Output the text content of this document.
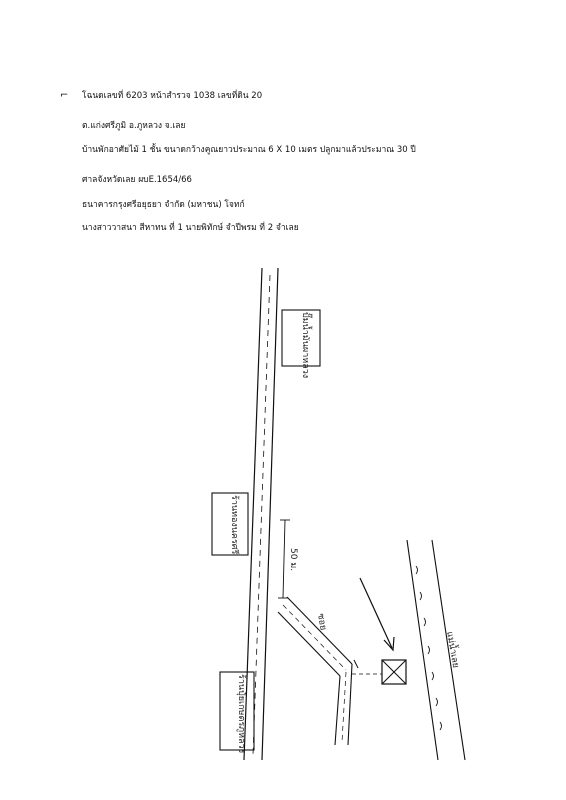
⌐ โฉนดเลขที่ 6203 หน้าสำรวจ 1038 เลขที่ดิน 20
ต.แก่งศรีภูมิ อ.ภูหลวง จ.เลย
บ้านพักอาศัยไม้ 1 ชั้น ขนาดกว้างคูณยาวประมาณ 6 X 10 เมตร ปลูกมาแล้วประมาณ 30 ปี
ศาลจังหวัดเลย ผบE.1654/66
ธนาคารกรุงศรีอยุธยา จำกัด (มหาชน) โจทก์
นางสาววาสนา สีหาทน ที่ 1 นายพิทักษ์ จำปีพรม ที่ 2 จำเลย
ปั๊มน้ำมันผาหลวง
ร้านทองนครศรี
ร้านปุ๋ยเกษตรภูหลวง
50 ม.
ซอย
แม่น้ำเลย
